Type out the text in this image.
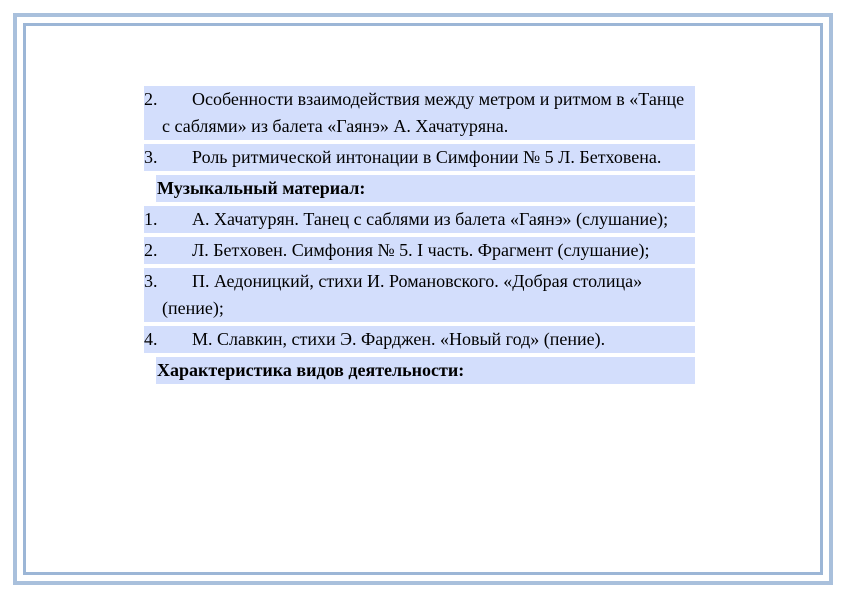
2.	Особенности взаимодействия между метром и ритмом в «Танце с саблями» из балета «Гаянэ» А. Хачатуряна.
3.	Роль ритмической интонации в Симфонии № 5 Л. Бетховена.
Музыкальный материал:
1.	А. Хачатурян. Танец с саблями из балета «Гаянэ» (слушание);
2.	Л. Бетховен. Симфония № 5. I часть. Фрагмент (слушание);
3.	П. Аедоницкий, стихи И. Романовского. «Добрая столица» (пение);
4.	М. Славкин, стихи Э. Фарджен. «Новый год» (пение).
Характеристика видов деятельности:
